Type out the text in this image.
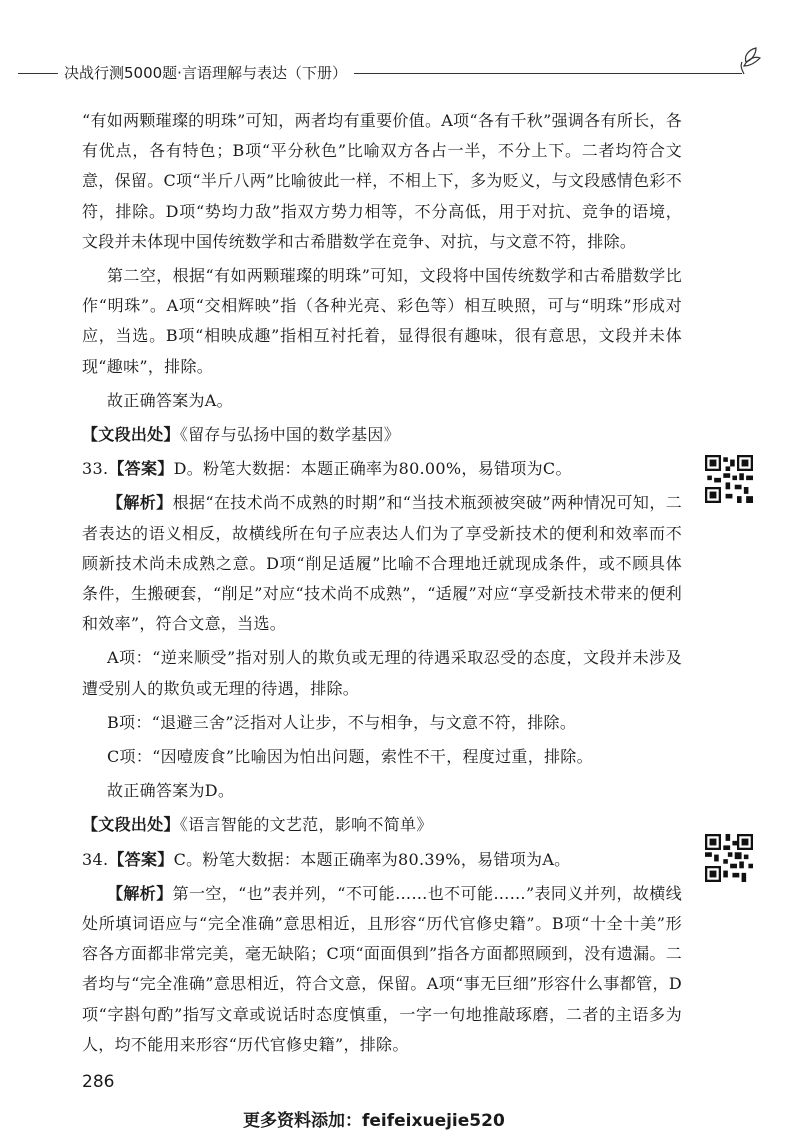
决战行测5000题·言语理解与表达（下册）

“有如两颗璀璨的明珠”可知，两者均有重要价值。A项“各有千秋”强调各有所长，各有优点，各有特色；B项“平分秋色”比喻双方各占一半，不分上下。二者均符合文意，保留。C项“半斤八两”比喻彼此一样，不相上下，多为贬义，与文段感情色彩不符，排除。D项“势均力敌”指双方势力相等，不分高低，用于对抗、竞争的语境，文段并未体现中国传统数学和古希腊数学在竞争、对抗，与文意不符，排除。

第二空，根据“有如两颗璀璨的明珠”可知，文段将中国传统数学和古希腊数学比作“明珠”。A项“交相辉映”指（各种光亮、彩色等）相互映照，可与“明珠”形成对应，当选。B项“相映成趣”指相互衬托着，显得很有趣味，很有意思，文段并未体现“趣味”，排除。

故正确答案为A。

【文段出处】《留存与弘扬中国的数学基因》

33.【答案】D。粉笔大数据：本题正确率为80.00%，易错项为C。

【解析】根据“在技术尚不成熟的时期”和“当技术瓶颈被突破”两种情况可知，二者表达的语义相反，故横线所在句子应表达人们为了享受新技术的便利和效率而不顾新技术尚未成熟之意。D项“削足适履”比喻不合理地迁就现成条件，或不顾具体条件，生搬硬套，“削足”对应“技术尚不成熟”，“适履”对应“享受新技术带来的便利和效率”，符合文意，当选。

A项：“逆来顺受”指对别人的欺负或无理的待遇采取忍受的态度，文段并未涉及遭受别人的欺负或无理的待遇，排除。

B项：“退避三舍”泛指对人让步，不与相争，与文意不符，排除。

C项：“因噎废食”比喻因为怕出问题，索性不干，程度过重，排除。

故正确答案为D。

【文段出处】《语言智能的文艺范，影响不简单》

34.【答案】C。粉笔大数据：本题正确率为80.39%，易错项为A。

【解析】第一空，“也”表并列，“不可能……也不可能……”表同义并列，故横线处所填词语应与“完全准确”意思相近，且形容“历代官修史籍”。B项“十全十美”形容各方面都非常完美，毫无缺陷；C项“面面俱到”指各方面都照顾到，没有遗漏。二者均与“完全准确”意思相近，符合文意，保留。A项“事无巨细”形容什么事都管，D项“字斟句酌”指写文章或说话时态度慎重，一字一句地推敲琢磨，二者的主语多为人，均不能用来形容“历代官修史籍”，排除。

286
更多资料添加：feifeixuejie520
